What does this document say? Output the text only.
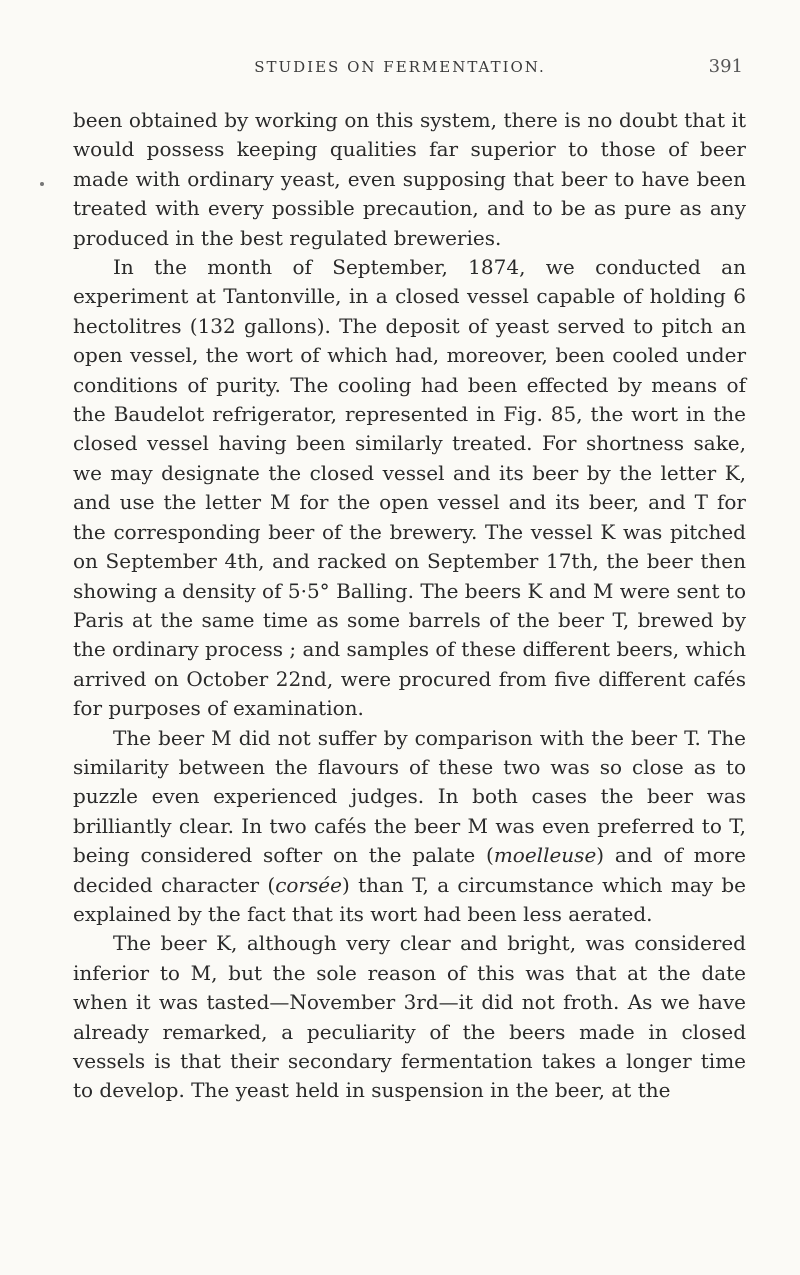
STUDIES ON FERMENTATION.	391

been obtained by working on this system, there is no doubt that it would possess keeping qualities far superior to those of beer made with ordinary yeast, even supposing that beer to have been treated with every possible precaution, and to be as pure as any produced in the best regulated breweries.

In the month of September, 1874, we conducted an experiment at Tantonville, in a closed vessel capable of holding 6 hectolitres (132 gallons). The deposit of yeast served to pitch an open vessel, the wort of which had, moreover, been cooled under conditions of purity. The cooling had been effected by means of the Baudelot refrigerator, represented in Fig. 85, the wort in the closed vessel having been similarly treated. For shortness sake, we may designate the closed vessel and its beer by the letter K, and use the letter M for the open vessel and its beer, and T for the corresponding beer of the brewery. The vessel K was pitched on September 4th, and racked on September 17th, the beer then showing a density of 5·5° Balling. The beers K and M were sent to Paris at the same time as some barrels of the beer T, brewed by the ordinary process ; and samples of these different beers, which arrived on October 22nd, were procured from five different cafés for purposes of examination.

The beer M did not suffer by comparison with the beer T. The similarity between the flavours of these two was so close as to puzzle even experienced judges. In both cases the beer was brilliantly clear. In two cafés the beer M was even preferred to T, being considered softer on the palate (moelleuse) and of more decided character (corsée) than T, a circumstance which may be explained by the fact that its wort had been less aerated.

The beer K, although very clear and bright, was considered inferior to M, but the sole reason of this was that at the date when it was tasted—November 3rd—it did not froth. As we have already remarked, a peculiarity of the beers made in closed vessels is that their secondary fermentation takes a longer time to develop. The yeast held in suspension in the beer, at the
